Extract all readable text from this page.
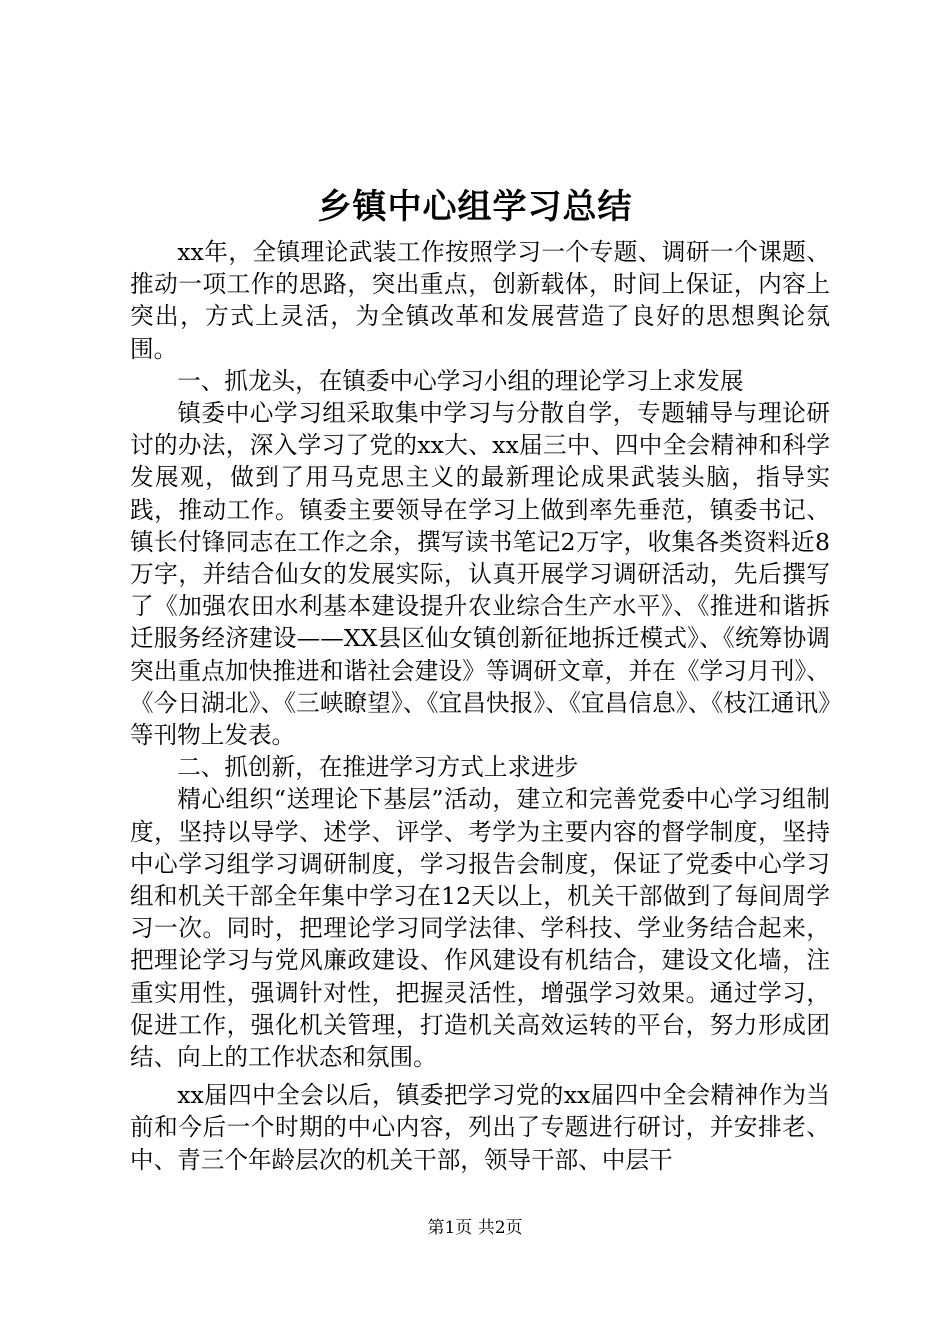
乡镇中心组学习总结

xx年，全镇理论武装工作按照学习一个专题、调研一个课题、推动一项工作的思路，突出重点，创新载体，时间上保证，内容上突出，方式上灵活，为全镇改革和发展营造了良好的思想舆论氛围。

一、抓龙头，在镇委中心学习小组的理论学习上求发展

镇委中心学习组采取集中学习与分散自学，专题辅导与理论研讨的办法，深入学习了党的xx大、xx届三中、四中全会精神和科学发展观，做到了用马克思主义的最新理论成果武装头脑，指导实践，推动工作。镇委主要领导在学习上做到率先垂范，镇委书记、镇长付锋同志在工作之余，撰写读书笔记2万字，收集各类资料近8万字，并结合仙女的发展实际，认真开展学习调研活动，先后撰写了《加强农田水利基本建设提升农业综合生产水平》、《推进和谐拆迁服务经济建设——XX县区仙女镇创新征地拆迁模式》、《统筹协调突出重点加快推进和谐社会建设》等调研文章，并在《学习月刊》、《今日湖北》、《三峡瞭望》、《宜昌快报》、《宜昌信息》、《枝江通讯》等刊物上发表。

二、抓创新，在推进学习方式上求进步

精心组织“送理论下基层”活动，建立和完善党委中心学习组制度，坚持以导学、述学、评学、考学为主要内容的督学制度，坚持中心学习组学习调研制度，学习报告会制度，保证了党委中心学习组和机关干部全年集中学习在12天以上，机关干部做到了每间周学习一次。同时，把理论学习同学法律、学科技、学业务结合起来，把理论学习与党风廉政建设、作风建设有机结合，建设文化墙，注重实用性，强调针对性，把握灵活性，增强学习效果。通过学习，促进工作，强化机关管理，打造机关高效运转的平台，努力形成团结、向上的工作状态和氛围。

xx届四中全会以后，镇委把学习党的xx届四中全会精神作为当前和今后一个时期的中心内容，列出了专题进行研讨，并安排老、中、青三个年龄层次的机关干部，领导干部、中层干

第1页 共2页
